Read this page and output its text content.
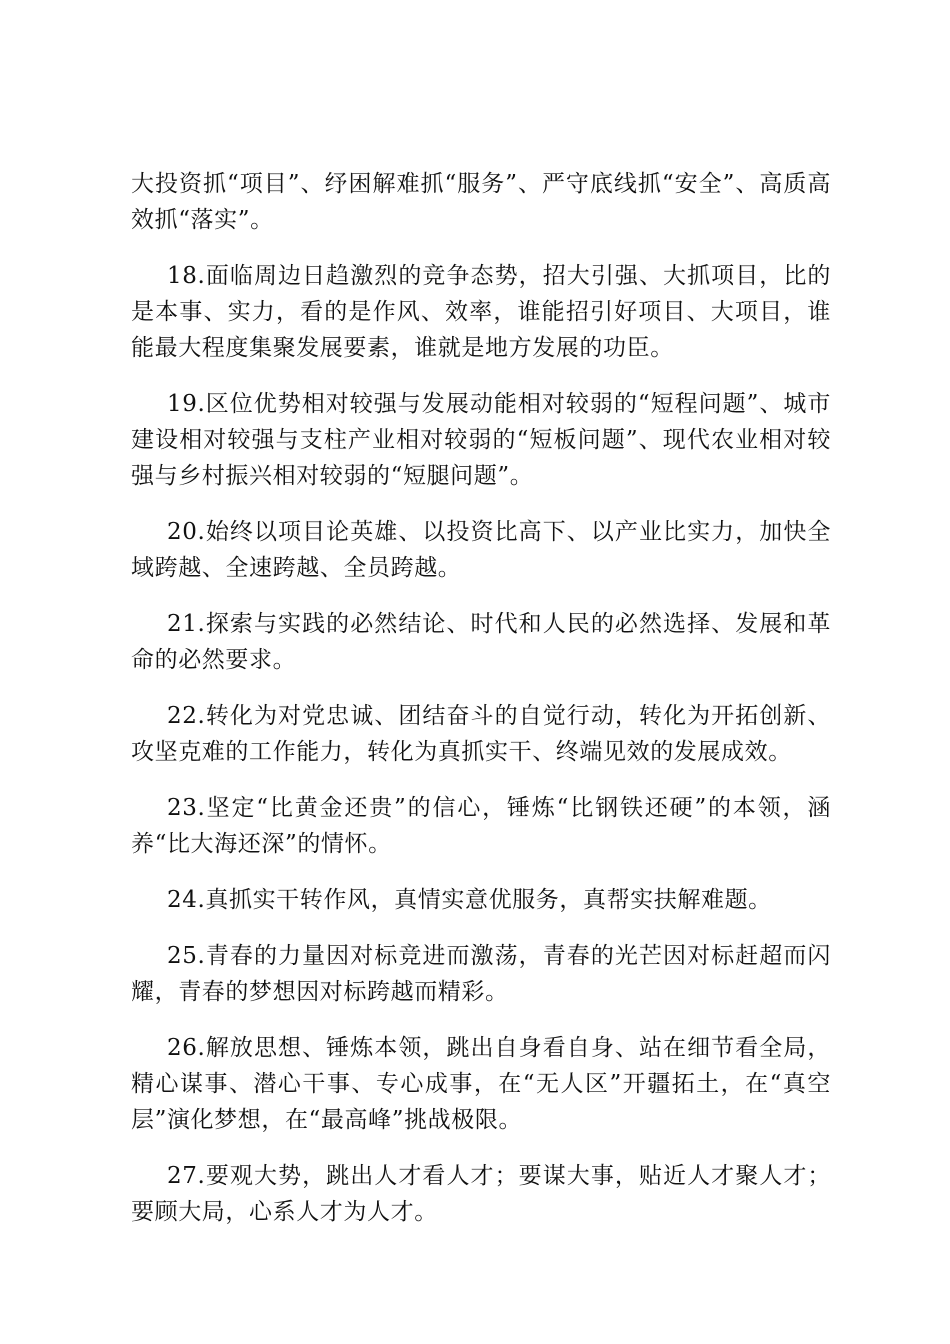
大投资抓“项目”、纾困解难抓“服务”、严守底线抓“安全”、高质高效抓“落实”。

18.面临周边日趋激烈的竞争态势，招大引强、大抓项目，比的是本事、实力，看的是作风、效率，谁能招引好项目、大项目，谁能最大程度集聚发展要素，谁就是地方发展的功臣。

19.区位优势相对较强与发展动能相对较弱的“短程问题”、城市建设相对较强与支柱产业相对较弱的“短板问题”、现代农业相对较强与乡村振兴相对较弱的“短腿问题”。

20.始终以项目论英雄、以投资比高下、以产业比实力，加快全域跨越、全速跨越、全员跨越。

21.探索与实践的必然结论、时代和人民的必然选择、发展和革命的必然要求。

22.转化为对党忠诚、团结奋斗的自觉行动，转化为开拓创新、攻坚克难的工作能力，转化为真抓实干、终端见效的发展成效。

23.坚定“比黄金还贵”的信心，锤炼“比钢铁还硬”的本领，涵养“比大海还深”的情怀。

24.真抓实干转作风，真情实意优服务，真帮实扶解难题。

25.青春的力量因对标竞进而激荡，青春的光芒因对标赶超而闪耀，青春的梦想因对标跨越而精彩。

26.解放思想、锤炼本领，跳出自身看自身、站在细节看全局，精心谋事、潜心干事、专心成事，在“无人区”开疆拓土，在“真空层”演化梦想，在“最高峰”挑战极限。

27.要观大势，跳出人才看人才；要谋大事，贴近人才聚人才；要顾大局，心系人才为人才。
